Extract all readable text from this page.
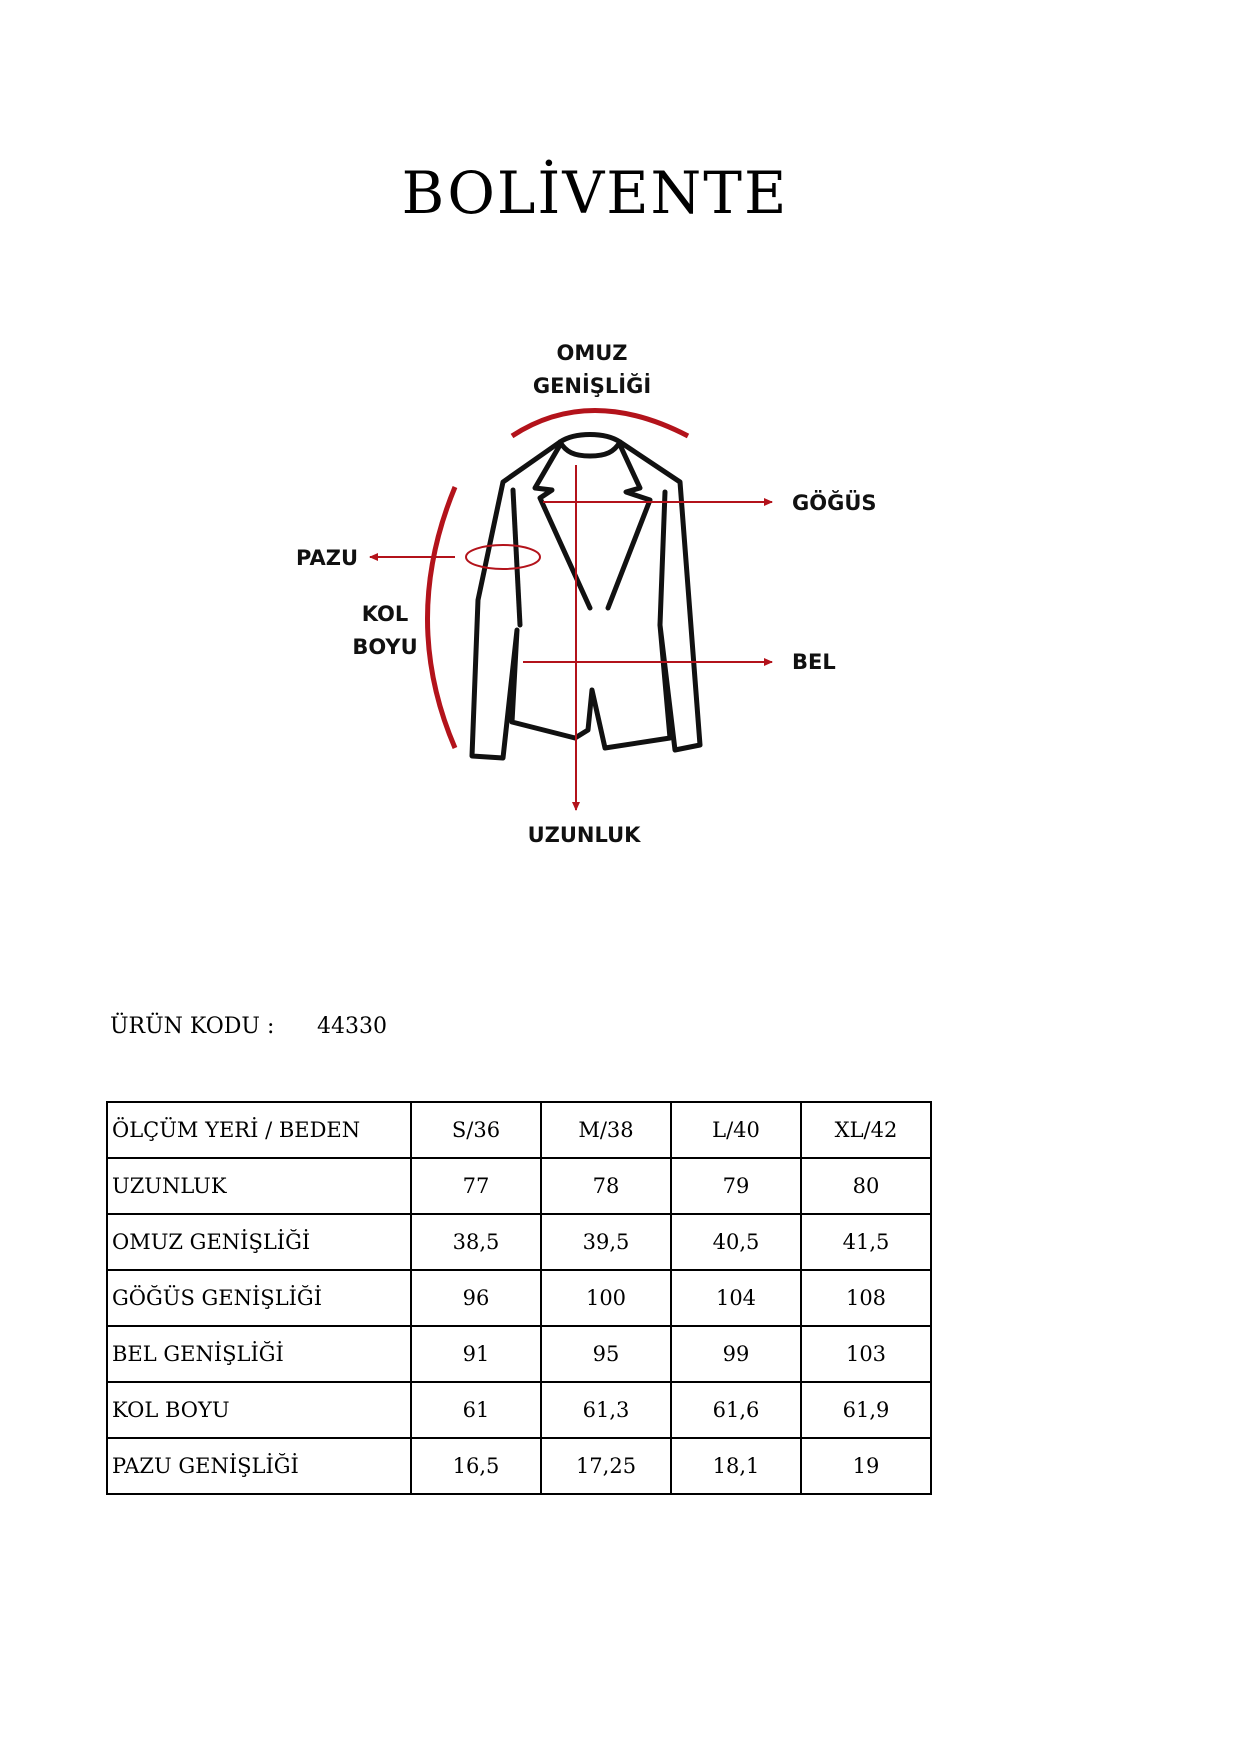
BOLİVENTE
OMUZ
GENİŞLİĞİ
GÖĞÜS
PAZU
KOL
BOYU
BEL
UZUNLUK
ÜRÜN KODU : 44330
ÖLÇÜM YERİ / BEDEN	S/36	M/38	L/40	XL/42
UZUNLUK	77	78	79	80
OMUZ GENİŞLİĞİ	38,5	39,5	40,5	41,5
GÖĞÜS GENİŞLİĞİ	96	100	104	108
BEL GENİŞLİĞİ	91	95	99	103
KOL BOYU	61	61,3	61,6	61,9
PAZU GENİŞLİĞİ	16,5	17,25	18,1	19
